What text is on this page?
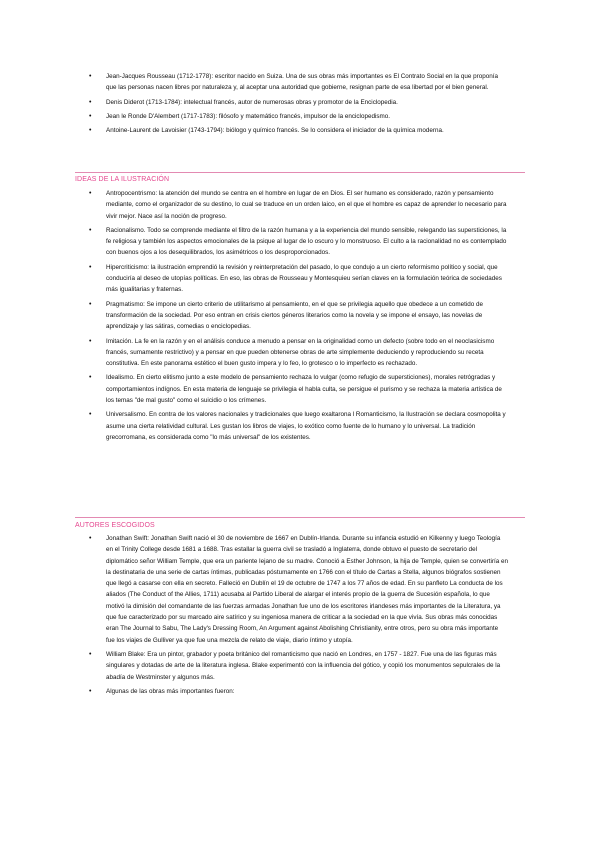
• Jean-Jacques Rousseau (1712-1778): escritor nacido en Suiza. Una de sus obras más importantes es El Contrato Social en la que proponía que las personas nacen libres por naturaleza y, al aceptar una autoridad que gobierne, resignan parte de esa libertad por el bien general.
• Denis Diderot (1713-1784): intelectual francés, autor de numerosas obras y promotor de la Enciclopedia.
• Jean le Ronde D'Alembert (1717-1783): filósofo y matemático francés, impulsor de la enciclopedismo.
• Antoine-Laurent de Lavoisier (1743-1794): biólogo y químico francés. Se lo considera el iniciador de la química moderna.
IDEAS DE LA ILUSTRACIÓN
• Antropocentrismo: la atención del mundo se centra en el hombre en lugar de en Dios. El ser humano es considerado, razón y pensamiento mediante, como el organizador de su destino, lo cual se traduce en un orden laico, en el que el hombre es capaz de aprender lo necesario para vivir mejor. Nace así la noción de progreso.
• Racionalismo. Todo se comprende mediante el filtro de la razón humana y a la experiencia del mundo sensible, relegando las supersticiones, la fe religiosa y también los aspectos emocionales de la psique al lugar de lo oscuro y lo monstruoso. El culto a la racionalidad no es contemplado con buenos ojos a los desequilibrados, los asimétricos o los desproporcionados.
• Hipercriticismo: la ilustración emprendió la revisión y reinterpretación del pasado, lo que condujo a un cierto reformismo político y social, que conduciría al deseo de utopías políticas. En eso, las obras de Rousseau y Montesquieu serían claves en la formulación teórica de sociedades más igualitarias y fraternas.
• Pragmatismo: Se impone un cierto criterio de utilitarismo al pensamiento, en el que se privilegia aquello que obedece a un cometido de transformación de la sociedad. Por eso entran en crisis ciertos géneros literarios como la novela y se impone el ensayo, las novelas de aprendizaje y las sátiras, comedias o enciclopedias.
• Imitación. La fe en la razón y en el análisis conduce a menudo a pensar en la originalidad como un defecto (sobre todo en el neoclasicismo francés, sumamente restrictivo) y a pensar en que pueden obtenerse obras de arte simplemente deduciendo y reproduciendo su receta constitutiva. En este panorama estético el buen gusto impera y lo feo, lo grotesco o lo imperfecto es rechazado.
• Idealismo. En cierto elitismo junto a este modelo de pensamiento rechaza lo vulgar (como refugio de supersticiones), morales retrógradas y comportamientos indígnos. En esta materia de lenguaje se privilegia el habla culta, se persigue el purismo y se rechaza la materia artística de los temas "de mal gusto" como el suicidio o los crímenes.
• Universalismo. En contra de los valores nacionales y tradicionales que luego exaltarona l Romanticismo, la Ilustración se declara cosmopolita y asume una cierta relatividad cultural. Les gustan los libros de viajes, lo exótico como fuente de lo humano y lo universal. La tradición grecorromana, es considerada como "lo más universal" de los existentes.
AUTORES ESCOGIDOS
• Jonathan Swift: Jonathan Swift nació el 30 de noviembre de 1667 en Dublín-Irlanda. Durante su infancia estudió en Kilkenny y luego Teología en el Trinity College desde 1681 a 1688. Tras estallar la guerra civil se trasladó a Inglaterra, donde obtuvo el puesto de secretario del diplomático señor William Temple, que era un pariente lejano de su madre. Conoció a Esther Johnson, la hija de Temple, quien se convertiría en la destinataria de una serie de cartas íntimas, publicadas póstumamente en 1766 con el título de Cartas a Stella, algunos biógrafos sostienen que llegó a casarse con ella en secreto. Falleció en Dublín el 19 de octubre de 1747 a los 77 años de edad. En su panfleto La conducta de los aliados (The Conduct of the Allies, 1711) acusaba al Partido Liberal de alargar el interés propio de la guerra de Sucesión española, lo que motivó la dimisión del comandante de las fuerzas armadas Jonathan fue uno de los escritores irlandeses más importantes de la Literatura, ya que fue caracterizado por su marcado aire satírico y su ingeniosa manera de criticar a la sociedad en la que vivía. Sus obras más conocidas eran The Journal to Sabu, The Lady's Dressing Room, An Argument against Abolishing Christianity, entre otros, pero su obra más importante fue los viajes de Gulliver ya que fue una mezcla de relato de viaje, diario íntimo y utopía.
• William Blake: Era un pintor, grabador y poeta británico del romanticismo que nació en Londres, en 1757 - 1827. Fue una de las figuras más singulares y dotadas de arte de la literatura inglesa. Blake experimentó con la influencia del gótico, y copió los monumentos sepulcrales de la abadía de Westminster y algunos más.
• Algunas de las obras más importantes fueron:
